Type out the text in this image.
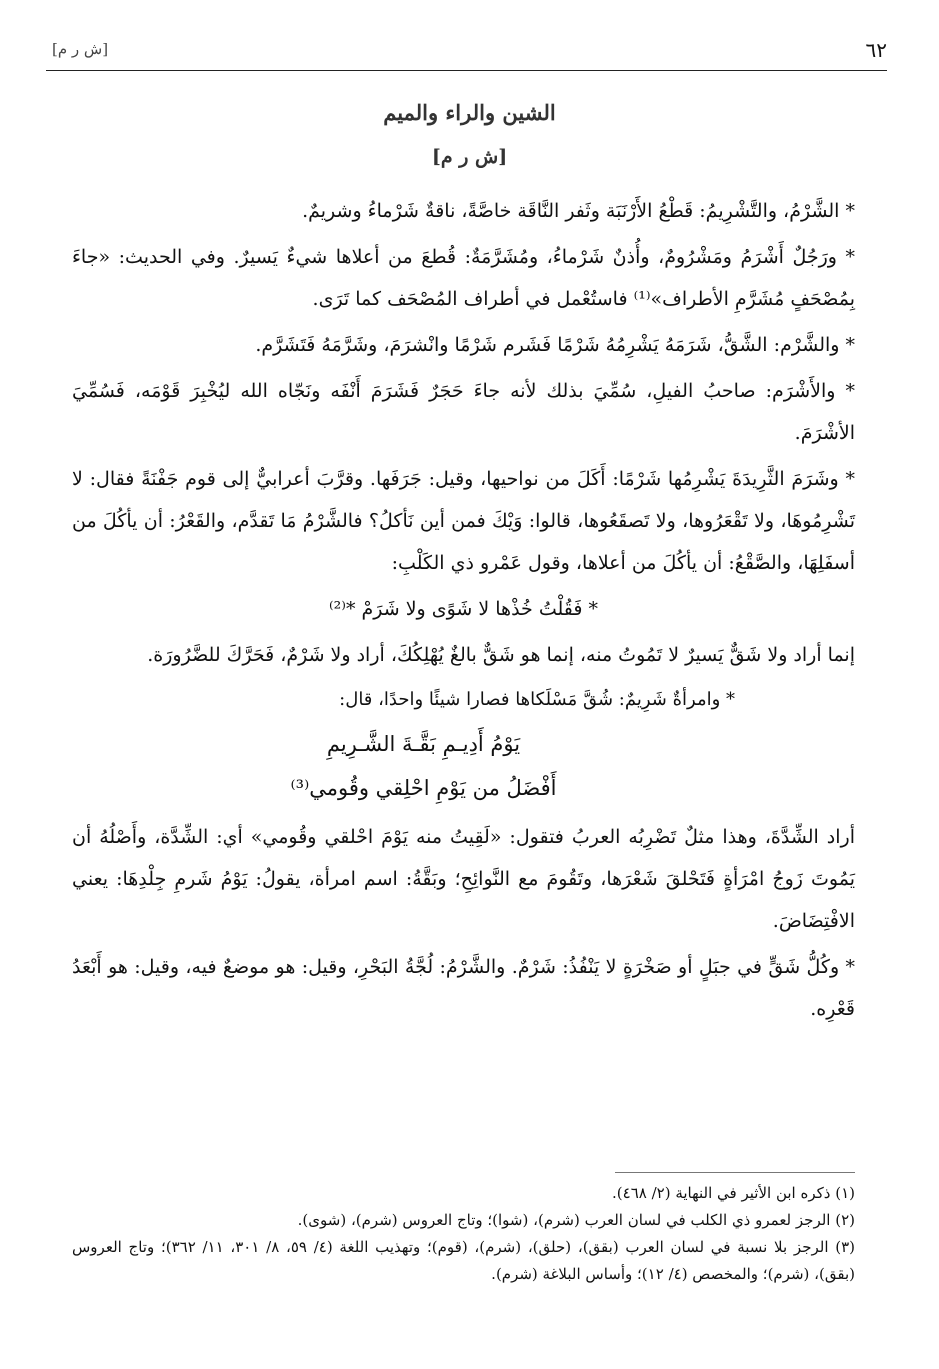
٦٢
[ش ر م]
الشين والراء والميم
[ش ر م]

* الشَّرْمُ، والتَّشْرِيمُ: قَطْعُ الأَرْنَبَة وثَفر النَّاقَة خاصَّةً، ناقةٌ شَرْماءُ وشريمٌ.

* ورَجُلٌ أَشْرَمُ ومَشْرُومٌ، وأُذنٌ شَرْماءُ، ومُشَرَّمَةٌ: قُطعَ من أعلاها شيءٌ يَسيرٌ. وفي الحديث: «جاءَ بِمُصْحَفٍ مُشَرَّمِ الأطراف»⁽¹⁾ فاستُعْمل في أطراف المُصْحَف كما تَرَى.

* والشَّرْم: الشَّقُّ، شَرَمَهُ يَشْرِمُهُ شَرْمًا فَشَرم شَرْمًا وانْشرَمَ، وشَرَّمَهُ فَتَشَرَّم.

* والأَشْرَم: صاحبُ الفيلِ، سُمِّيَ بذلك لأنه جاءَ حَجَرٌ فَشَرَمَ أَنْفَه ونَجّاه الله ليُخْبِرَ قَوْمَه، فَسُمِّيَ الأشْرَمَ.

* وشَرَمَ الثَّرِيدَةَ يَشْرِمُها شَرْمًا: أَكَلَ من نواحيها، وقيل: جَرَفَها. وقرَّبَ أعرابيٌّ إلى قوم جَفْنَةً فقال: لا تَشْرِمُوهَا، ولا تَقْعَرُوها، ولا تَصقَعُوها، قالوا: وَيْكَ فمن أين نَأكلُ؟ فالشَّرْمُ مَا تَقدَّم، والقَعْرُ: أن يأكُلَ من أسفَلِهَا، والصَّقْعُ: أن يأكُلَ من أعلاها، وقول عَمْرو ذي الكَلْبِ:

* فَقُلْتُ خُذْها لا شَوًى ولا شَرَمْ *⁽²⁾

إنما أراد ولا شَقٌّ يَسيرٌ لا تَمُوتُ منه، إنما هو شَقٌّ بالغٌ يُهْلِكُكَ، أراد ولا شَرْمٌ، فَحَرَّكَ للضَّرُورَة.

* وامرأةٌ شَرِيمٌ: شُقَّ مَسْلَكاها فصارا شيئًا واحدًا، قال:

يَوْمُ أَدِيـمِ بَقَّـةَ الشَّـرِيمِ
أَفْضَلُ من يَوْمِ احْلِقي وقُومي⁽³⁾

أراد الشِّدَّةَ، وهذا مثلٌ تَضْرِبُه العربُ فتقول: «لَقِيتُ منه يَوْمَ احْلقي وقُومي» أي: الشِّدَّة، وأَصْلُهُ أن يَمُوتَ زَوجُ امْرَأةٍ فَتَحْلقَ شَعْرَها، وتَقُومَ مع النَّوائِحِ؛ وبَقَّةُ: اسم امرأة، يقولُ: يَوْمُ شَرمِ جِلْدِهَا: يعني الافْتِضَاضَ.

* وكُلُّ شَقٍّ في جبَلٍ أو صَخْرَةٍ لا يَنْفُذُ: شَرْمٌ. والشَّرْمُ: لُجَّةُ البَحْرِ، وقيل: هو موضعٌ فيه، وقيل: هو أَبْعَدُ قَعْرِه.

(١) ذكره ابن الأثير في النهاية (٢/ ٤٦٨).

(٢) الرجز لعمرو ذي الكلب في لسان العرب (شرم)، (شوا)؛ وتاج العروس (شرم)، (شوى).

(٣) الرجز بلا نسبة في لسان العرب (بقق)، (حلق)، (شرم)، (قوم)؛ وتهذيب اللغة (٤/ ٥٩، ٨/ ٣٠١، ١١/ ٣٦٢)؛ وتاج العروس (بقق)، (شرم)؛ والمخصص (٤/ ١٢)؛ وأساس البلاغة (شرم).
